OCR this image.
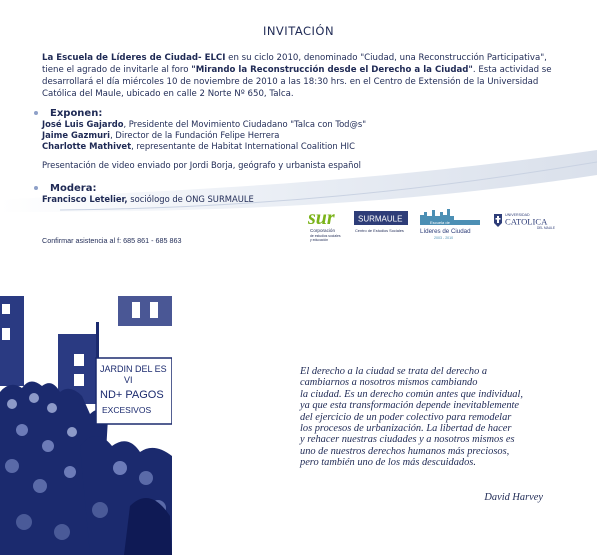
INVITACIÓN
La Escuela de Líderes de Ciudad- ELCI en su ciclo 2010, denominado "Ciudad, una Reconstrucción Participativa", tiene el agrado de invitarle al foro "Mirando la Reconstrucción desde el Derecho a la Ciudad". Esta actividad se desarrollará el día miércoles 10 de noviembre de 2010 a las 18:30 hrs. en el Centro de Extensión de la Universidad Católica del Maule, ubicado en calle 2 Norte Nº 650, Talca.
Exponen:
José Luis Gajardo, Presidente del Movimiento Ciudadano "Talca con Tod@s"
Jaime Gazmuri, Director de la Fundación Felipe Herrera
Charlotte Mathivet, representante de Habitat International Coalition HIC
Presentación de video enviado por Jordi Borja, geógrafo y urbanista español
Modera:
Francisco Letelier, sociólogo de ONG SURMAULE
Confirmar asistencia al f: 685 861 - 685 863
sur
Corporación
de estudios sociales
y educación
SURMAULE
Centro de Estudios Sociales
Escuela de
Líderes de Ciudad
2003 - 2010
UNIVERSIDAD
CATOLICA
DEL MAULE
JARDIN DEL ES
VI
ND+ PAGOS
EXCESIVOS
El derecho a la ciudad se trata del derecho a
cambiarnos a nosotros mismos cambiando
la ciudad. Es un derecho común antes que individual,
ya que esta transformación depende inevitablemente
del ejercicio de un poder colectivo para remodelar
los procesos de urbanización. La libertad de hacer
y rehacer nuestras ciudades y a nosotros mismos es
uno de nuestros derechos humanos más preciosos,
pero también uno de los más descuidados.
David Harvey
